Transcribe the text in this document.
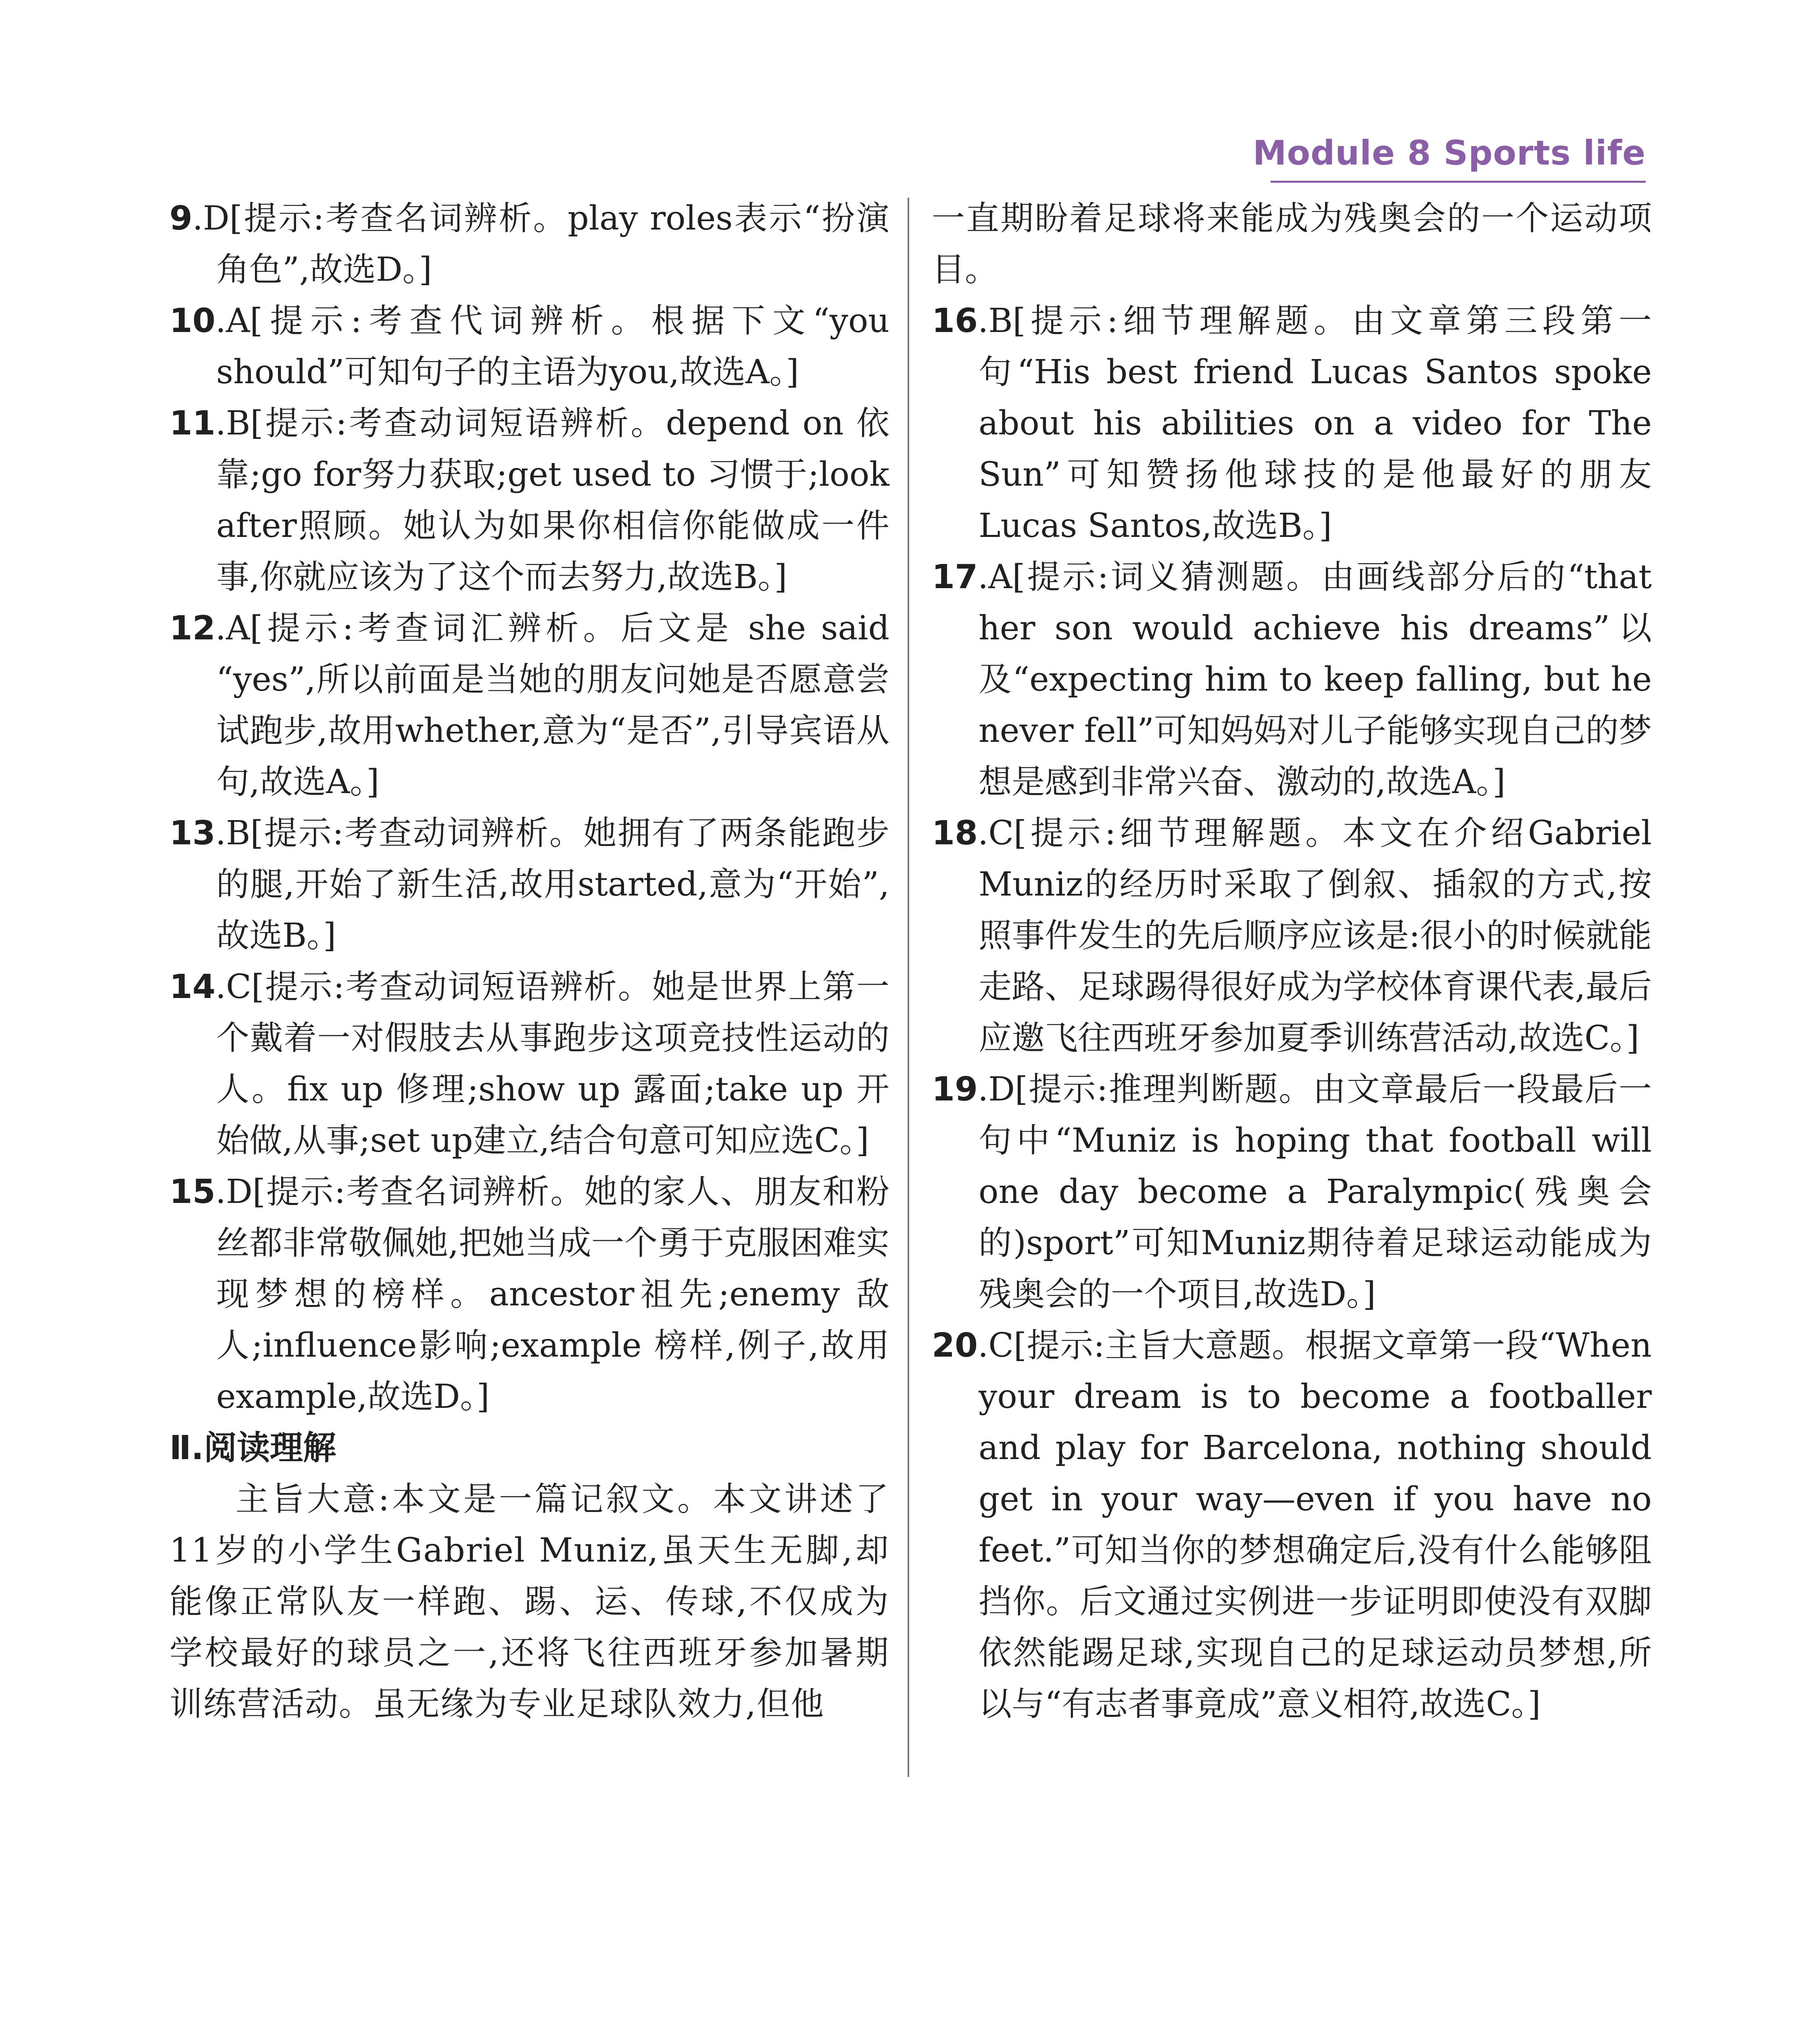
Module 8 Sports life

9.D[提示:考查名词辨析。play roles表示“扮演角色”,故选D。]

10.A[提示:考查代词辨析。根据下文“you should”可知句子的主语为you,故选A。]

11.B[提示:考查动词短语辨析。depend on 依靠;go for努力获取;get used to 习惯于;look after照顾。她认为如果你相信你能做成一件事,你就应该为了这个而去努力,故选B。]

12.A[提示:考查词汇辨析。后文是 she said “yes”,所以前面是当她的朋友问她是否愿意尝试跑步,故用whether,意为“是否”,引导宾语从句,故选A。]

13.B[提示:考查动词辨析。她拥有了两条能跑步的腿,开始了新生活,故用started,意为“开始”,故选B。]

14.C[提示:考查动词短语辨析。她是世界上第一个戴着一对假肢去从事跑步这项竞技性运动的人。fix up 修理;show up 露面;take up 开始做,从事;set up建立,结合句意可知应选C。]

15.D[提示:考查名词辨析。她的家人、朋友和粉丝都非常敬佩她,把她当成一个勇于克服困难实现梦想的榜样。ancestor祖先;enemy 敌人;influence影响;example 榜样,例子,故用example,故选D。]

Ⅱ.阅读理解

主旨大意:本文是一篇记叙文。本文讲述了11岁的小学生Gabriel Muniz,虽天生无脚,却能像正常队友一样跑、踢、运、传球,不仅成为学校最好的球员之一,还将飞往西班牙参加暑期训练营活动。虽无缘为专业足球队效力,但他

一直期盼着足球将来能成为残奥会的一个运动项目。

16.B[提示:细节理解题。由文章第三段第一句“His best friend Lucas Santos spoke about his abilities on a video for The Sun”可知赞扬他球技的是他最好的朋友Lucas Santos,故选B。]

17.A[提示:词义猜测题。由画线部分后的“that her son would achieve his dreams”以及“expecting him to keep falling, but he never fell”可知妈妈对儿子能够实现自己的梦想是感到非常兴奋、激动的,故选A。]

18.C[提示:细节理解题。本文在介绍Gabriel Muniz的经历时采取了倒叙、插叙的方式,按照事件发生的先后顺序应该是:很小的时候就能走路、足球踢得很好成为学校体育课代表,最后应邀飞往西班牙参加夏季训练营活动,故选C。]

19.D[提示:推理判断题。由文章最后一段最后一句中“Muniz is hoping that football will one day become a Paralympic(残奥会的)sport”可知Muniz期待着足球运动能成为残奥会的一个项目,故选D。]

20.C[提示:主旨大意题。根据文章第一段“When your dream is to become a footballer and play for Barcelona, nothing should get in your way—even if you have no feet.”可知当你的梦想确定后,没有什么能够阻挡你。后文通过实例进一步证明即使没有双脚依然能踢足球,实现自己的足球运动员梦想,所以与“有志者事竟成”意义相符,故选C。]
